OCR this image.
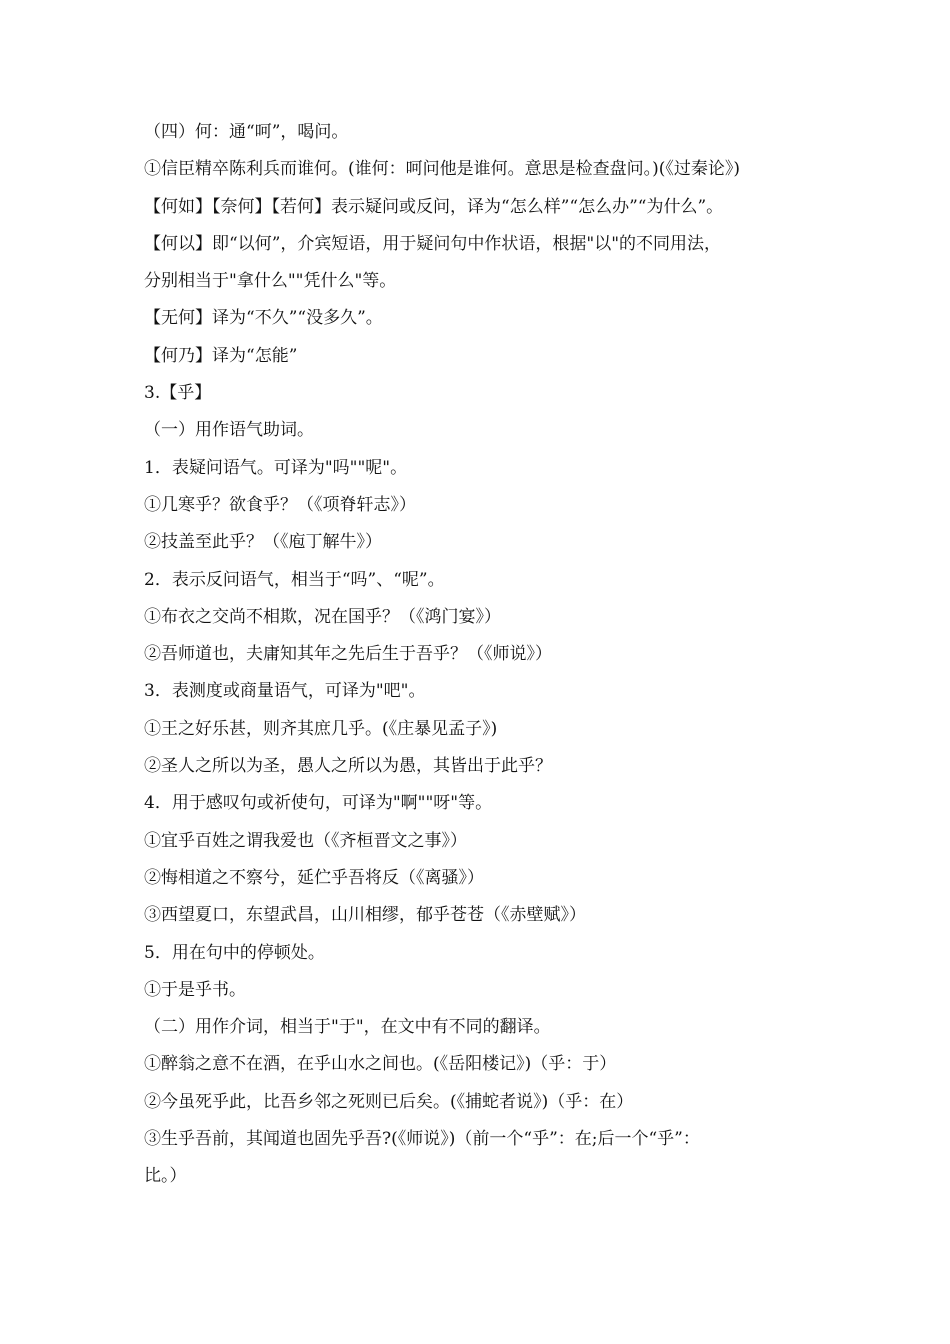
（四）何：通“呵”，喝问。
①信臣精卒陈利兵而谁何。(谁何：呵问他是谁何。意思是检查盘问。)(《过秦论》)
【何如】【奈何】【若何】表示疑问或反问，译为“怎么样”“怎么办”“为什么”。
【何以】即“以何”，介宾短语，用于疑问句中作状语，根据"以"的不同用法，
分别相当于"拿什么""凭什么"等。
【无何】译为“不久”“没多久”。
【何乃】译为“怎能”
3.【乎】
（一）用作语气助词。
1．表疑问语气。可译为"吗""呢"。
①几寒乎？欲食乎？（《项脊轩志》）
②技盖至此乎？（《庖丁解牛》）
2．表示反问语气，相当于“吗”、“呢”。
①布衣之交尚不相欺，况在国乎？（《鸿门宴》）
②吾师道也，夫庸知其年之先后生于吾乎？（《师说》）
3．表测度或商量语气，可译为"吧"。
①王之好乐甚，则齐其庶几乎。(《庄暴见孟子》)
②圣人之所以为圣，愚人之所以为愚，其皆出于此乎？
4．用于感叹句或祈使句，可译为"啊""呀"等。
①宜乎百姓之谓我爱也（《齐桓晋文之事》）
②悔相道之不察兮，延伫乎吾将反（《离骚》）
③西望夏口，东望武昌，山川相缪，郁乎苍苍（《赤壁赋》）
5．用在句中的停顿处。
①于是乎书。
（二）用作介词，相当于"于"，在文中有不同的翻译。
①醉翁之意不在酒，在乎山水之间也。(《岳阳楼记》)（乎：于）
②今虽死乎此，比吾乡邻之死则已后矣。(《捕蛇者说》)（乎：在）
③生乎吾前，其闻道也固先乎吾?(《师说》)（前一个“乎”：在;后一个“乎”：
比。）
